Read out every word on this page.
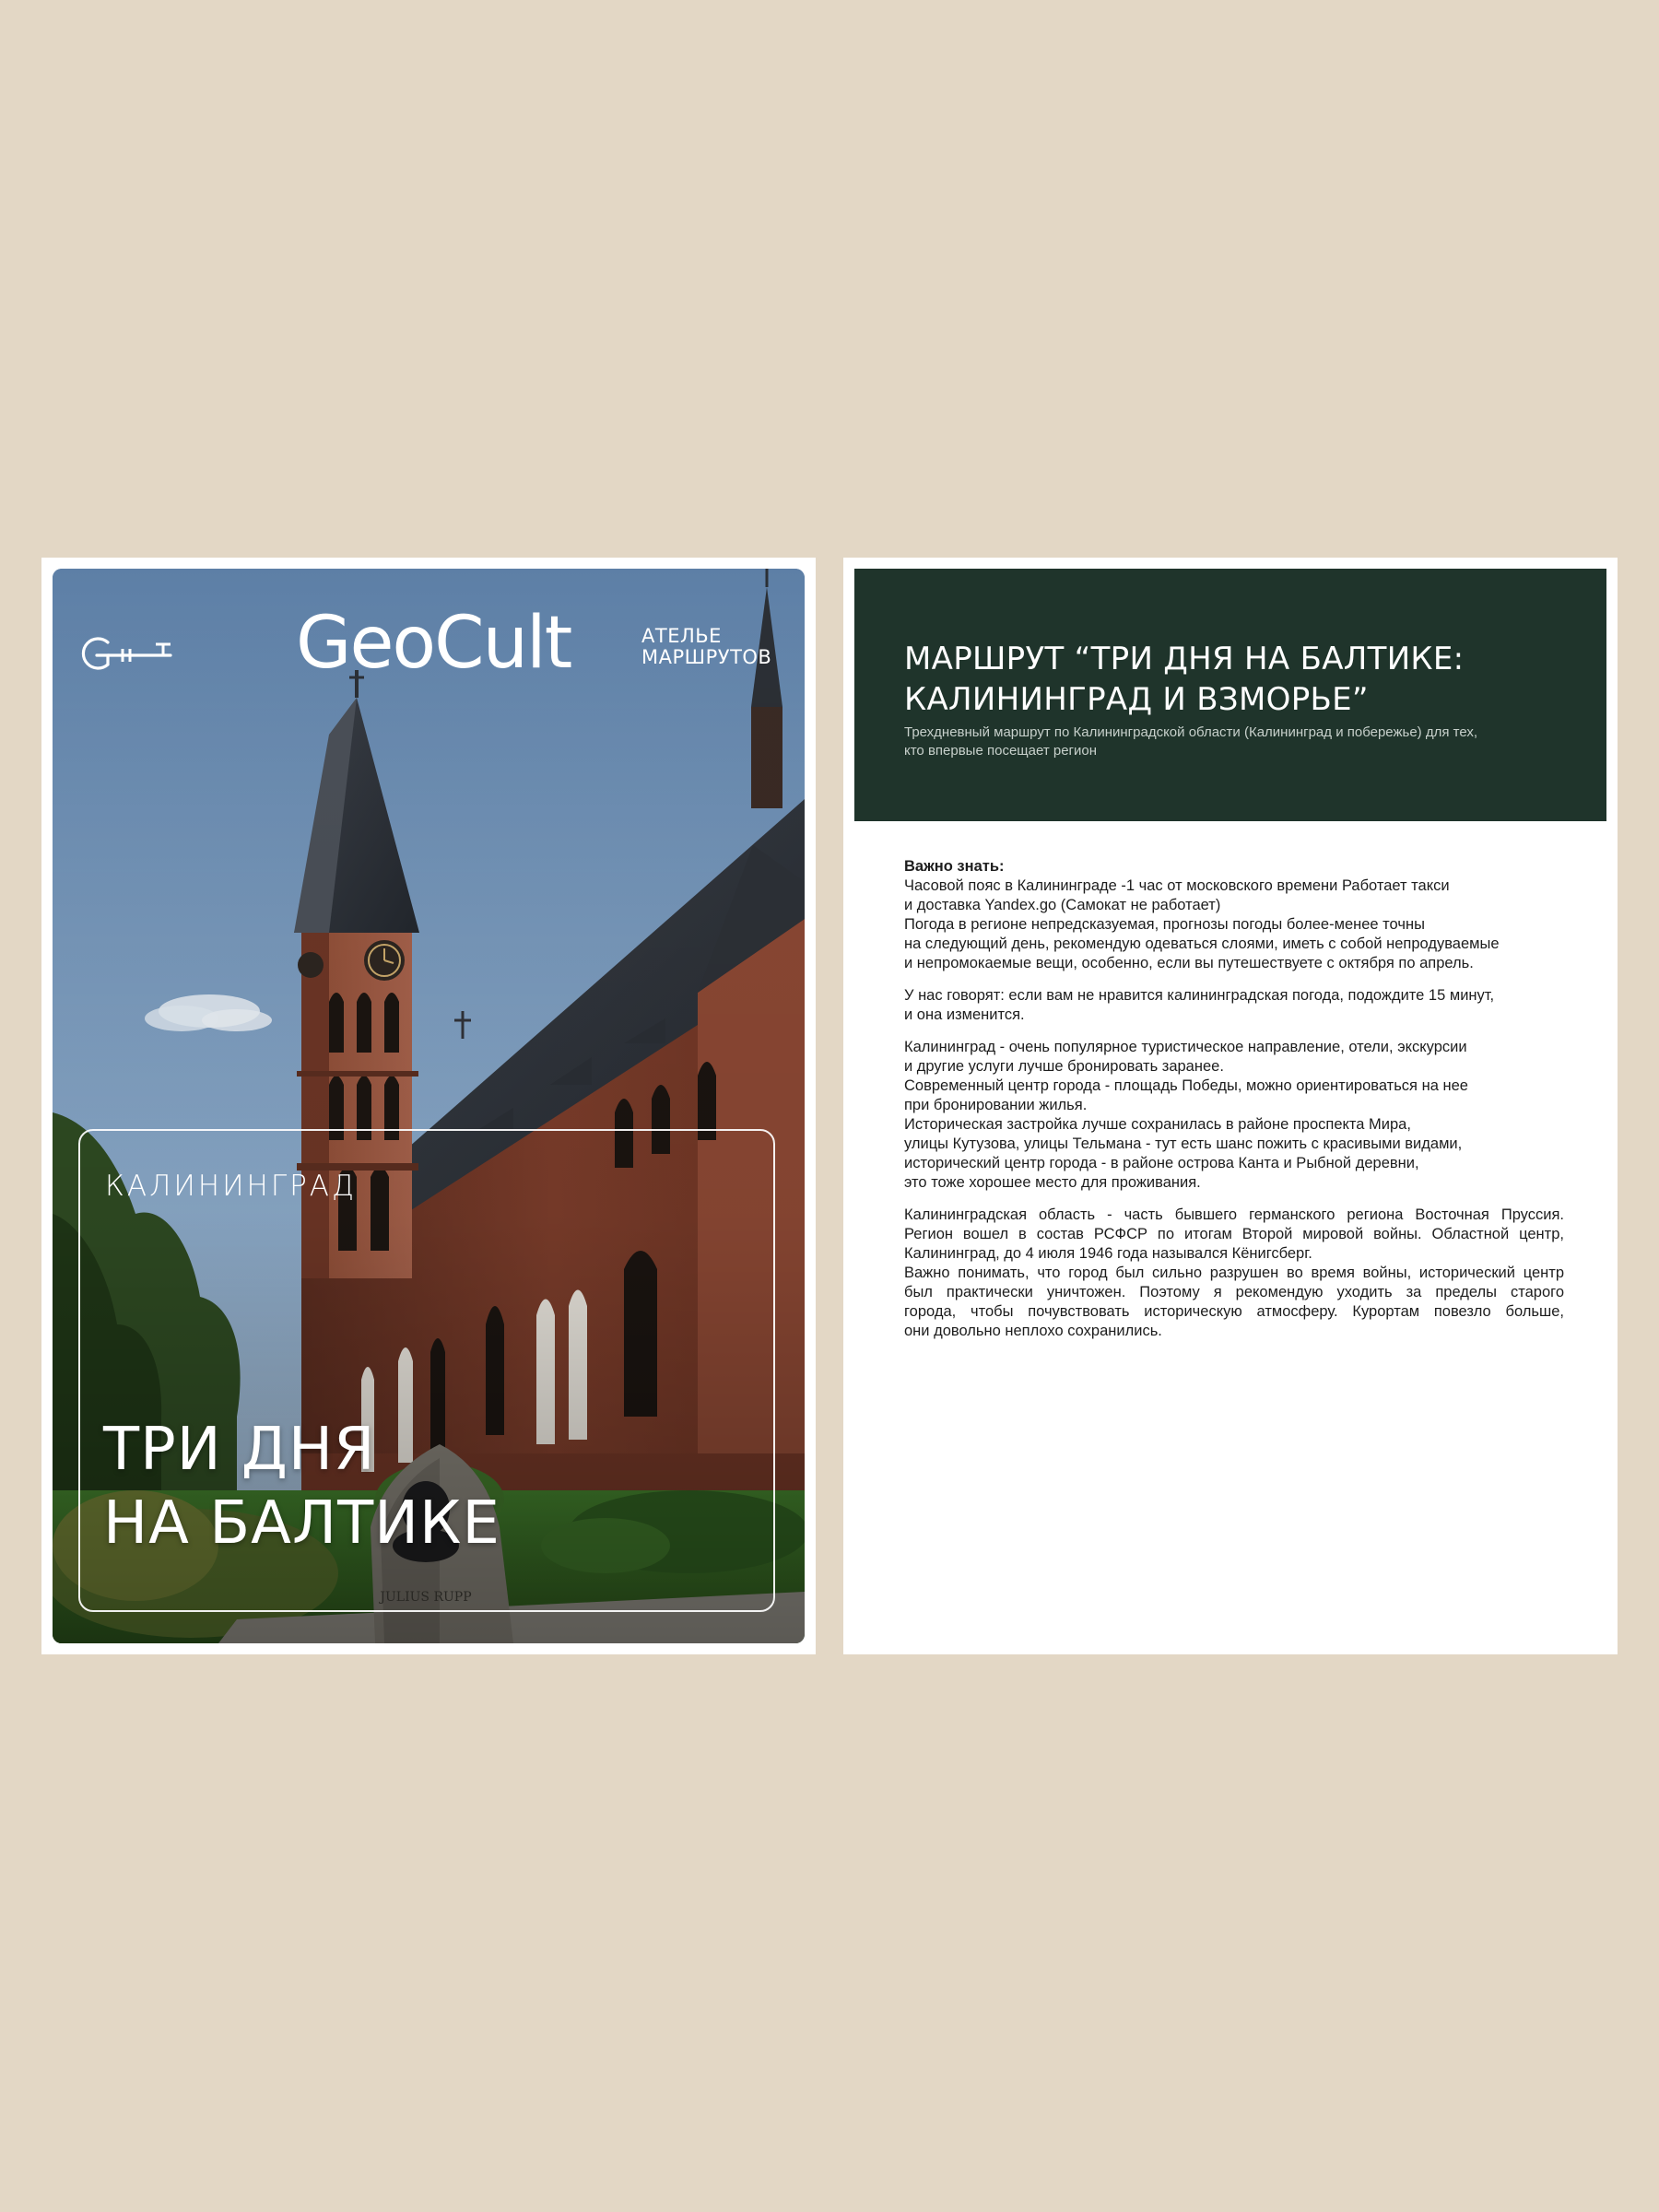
GeoCult	АТЕЛЬЕ
МАРШРУТОВ
КАЛИНИНГРАД
ТРИ ДНЯ
НА БАЛТИКЕ
МАРШРУТ “ТРИ ДНЯ НА БАЛТИКЕ:
КАЛИНИНГРАД И ВЗМОРЬЕ”
Трехдневный маршрут по Калининградской области (Калининград и побережье) для тех,
кто впервые посещает регион
Важно знать:
Часовой пояс в Калининграде -1 час от московского времени Работает такси
и доставка Yandex.go (Самокат не работает)
Погода в регионе непредсказуемая, прогнозы погоды более-менее точны
на следующий день, рекомендую одеваться слоями, иметь с собой непродуваемые
и непромокаемые вещи, особенно, если вы путешествуете с октября по апрель.
У нас говорят: если вам не нравится калининградская погода, подождите 15 минут,
и она изменится.
Калининград - очень популярное туристическое направление, отели, экскурсии
и другие услуги лучше бронировать заранее.
Современный центр города - площадь Победы, можно ориентироваться на нее
при бронировании жилья.
Историческая застройка лучше сохранилась в районе проспекта Мира,
улицы Кутузова, улицы Тельмана - тут есть шанс пожить с красивыми видами,
исторический центр города - в районе острова Канта и Рыбной деревни,
это тоже хорошее место для проживания.
Калининградская область - часть бывшего германского региона Восточная Пруссия.
Регион вошел в состав РСФСР по итогам Второй мировой войны. Областной центр,
Калининград, до 4 июля 1946 года назывался Кёнигсберг.
Важно понимать, что город был сильно разрушен во время войны, исторический центр
был практически уничтожен. Поэтому я рекомендую уходить за пределы старого
города, чтобы почувствовать историческую атмосферу. Курортам повезло больше,
они довольно неплохо сохранились.
